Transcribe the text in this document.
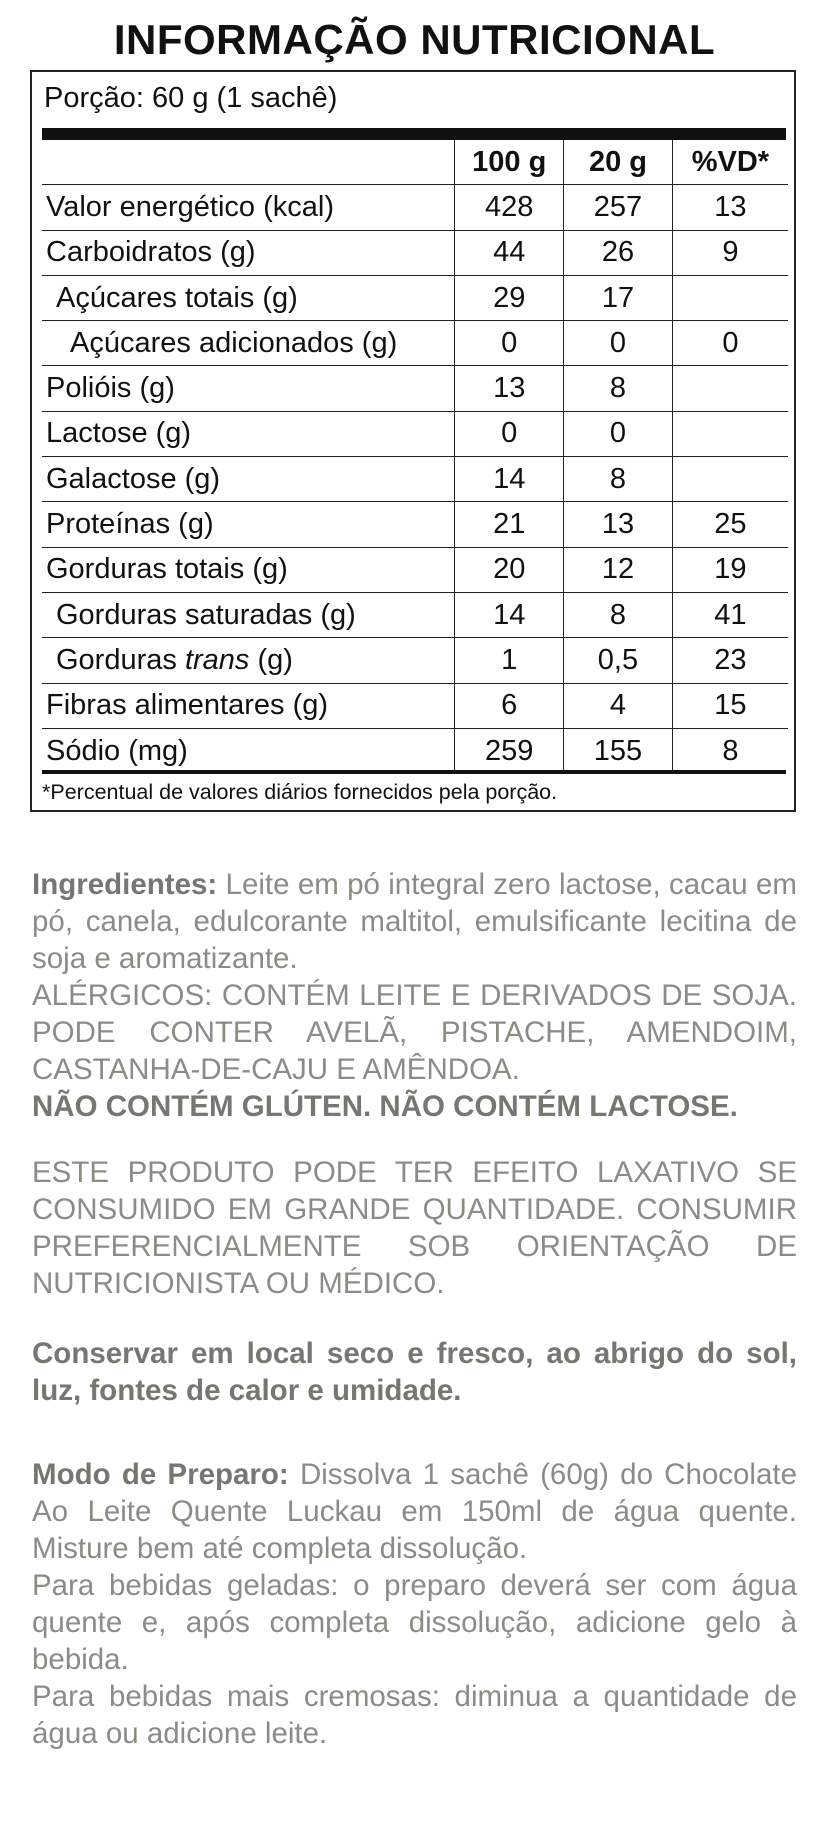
INFORMAÇÃO NUTRICIONAL
Porção: 60 g (1 sachê)
	100 g	20 g	%VD*
Valor energético (kcal)	428	257	13
Carboidratos (g)	44	26	9
Açúcares totais (g)	29	17	
Açúcares adicionados (g)	0	0	0
Polióis (g)	13	8	
Lactose (g)	0	0	
Galactose (g)	14	8	
Proteínas (g)	21	13	25
Gorduras totais (g)	20	12	19
Gorduras saturadas (g)	14	8	41
Gorduras trans (g)	1	0,5	23
Fibras alimentares (g)	6	4	15
Sódio (mg)	259	155	8
*Percentual de valores diários fornecidos pela porção.
Ingredientes: Leite em pó integral zero lactose, cacau em pó, canela, edulcorante maltitol, emulsificante lecitina de soja e aromatizante.
ALÉRGICOS: CONTÉM LEITE E DERIVADOS DE SOJA. PODE CONTER AVELÃ, PISTACHE, AMENDOIM, CASTANHA-DE-CAJU E AMÊNDOA.
NÃO CONTÉM GLÚTEN. NÃO CONTÉM LACTOSE.
ESTE PRODUTO PODE TER EFEITO LAXATIVO SE CONSUMIDO EM GRANDE QUANTIDADE. CONSUMIR PREFERENCIALMENTE SOB ORIENTAÇÃO DE NUTRICIONISTA OU MÉDICO.
Conservar em local seco e fresco, ao abrigo do sol, luz, fontes de calor e umidade.
Modo de Preparo: Dissolva 1 sachê (60g) do Chocolate Ao Leite Quente Luckau em 150ml de água quente. Misture bem até completa dissolução.
Para bebidas geladas: o preparo deverá ser com água quente e, após completa dissolução, adicione gelo à bebida.
Para bebidas mais cremosas: diminua a quantidade de água ou adicione leite.
